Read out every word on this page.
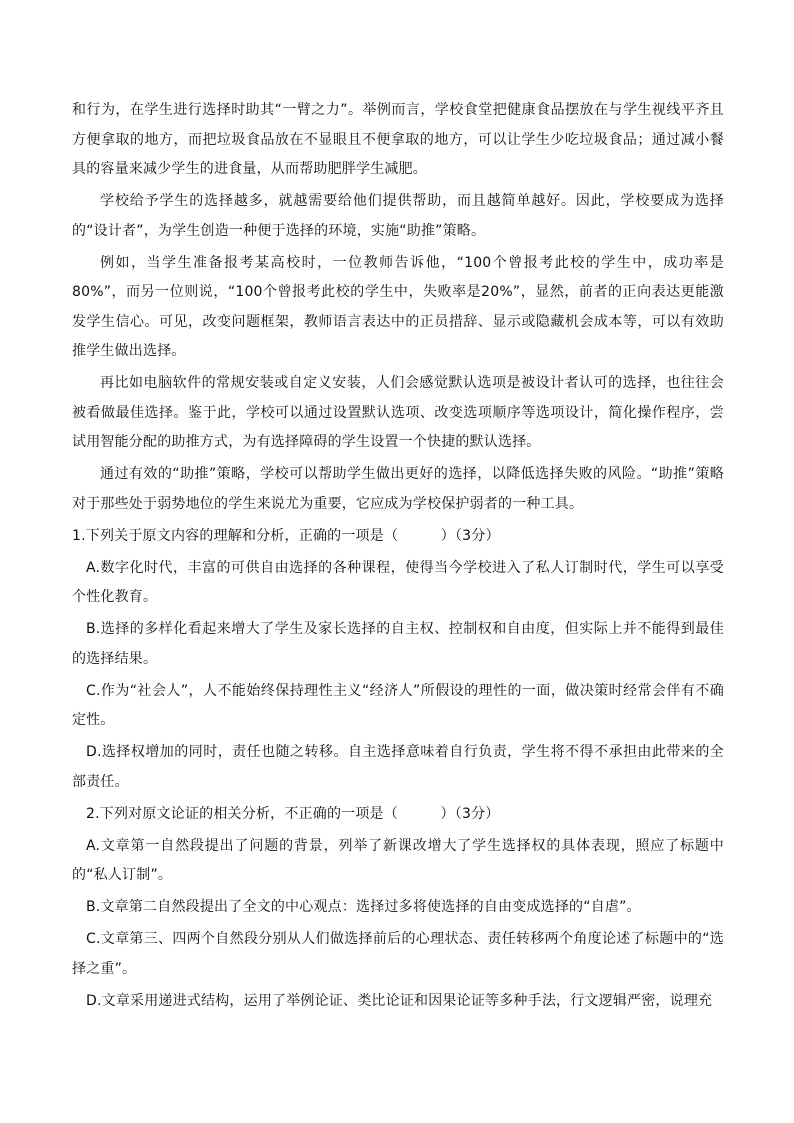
和行为，在学生进行选择时助其“一臂之力”。举例而言，学校食堂把健康食品摆放在与学生视线平齐且方便拿取的地方，而把垃圾食品放在不显眼且不便拿取的地方，可以让学生少吃垃圾食品；通过减小餐具的容量来减少学生的进食量，从而帮助肥胖学生减肥。

学校给予学生的选择越多，就越需要给他们提供帮助，而且越简单越好。因此，学校要成为选择的“设计者”，为学生创造一种便于选择的环境，实施“助推”策略。

例如，当学生准备报考某高校时，一位教师告诉他，“100个曾报考此校的学生中，成功率是80%”，而另一位则说，“100个曾报考此校的学生中，失败率是20%”，显然，前者的正向表达更能激发学生信心。可见，改变问题框架，教师语言表达中的正员措辞、显示或隐藏机会成本等，可以有效助推学生做出选择。

再比如电脑软件的常规安装或自定义安装，人们会感觉默认选项是被设计者认可的选择，也往往会被看做最佳选择。鉴于此，学校可以通过设置默认选项、改变选项顺序等选项设计，简化操作程序，尝试用智能分配的助推方式，为有选择障碍的学生设置一个快捷的默认选择。

通过有效的“助推”策略，学校可以帮助学生做出更好的选择，以降低选择失败的风险。“助推”策略对于那些处于弱势地位的学生来说尤为重要，它应成为学校保护弱者的一种工具。

1.下列关于原文内容的理解和分析，正确的一项是（　　　）（3分）

A.数字化时代，丰富的可供自由选择的各种课程，使得当今学校进入了私人订制时代，学生可以享受个性化教育。

B.选择的多样化看起来增大了学生及家长选择的自主权、控制权和自由度，但实际上并不能得到最佳的选择结果。

C.作为“社会人”，人不能始终保持理性主义“经济人”所假设的理性的一面，做决策时经常会伴有不确定性。

D.选择权增加的同时，责任也随之转移。自主选择意味着自行负责，学生将不得不承担由此带来的全部责任。

2.下列对原文论证的相关分析，不正确的一项是（　　　）（3分）

A.文章第一自然段提出了问题的背景，列举了新课改增大了学生选择权的具体表现，照应了标题中的“私人订制”。

B.文章第二自然段提出了全文的中心观点：选择过多将使选择的自由变成选择的“自虐”。

C.文章第三、四两个自然段分别从人们做选择前后的心理状态、责任转移两个角度论述了标题中的“选择之重”。

D.文章采用递进式结构，运用了举例论证、类比论证和因果论证等多种手法，行文逻辑严密，说理充
